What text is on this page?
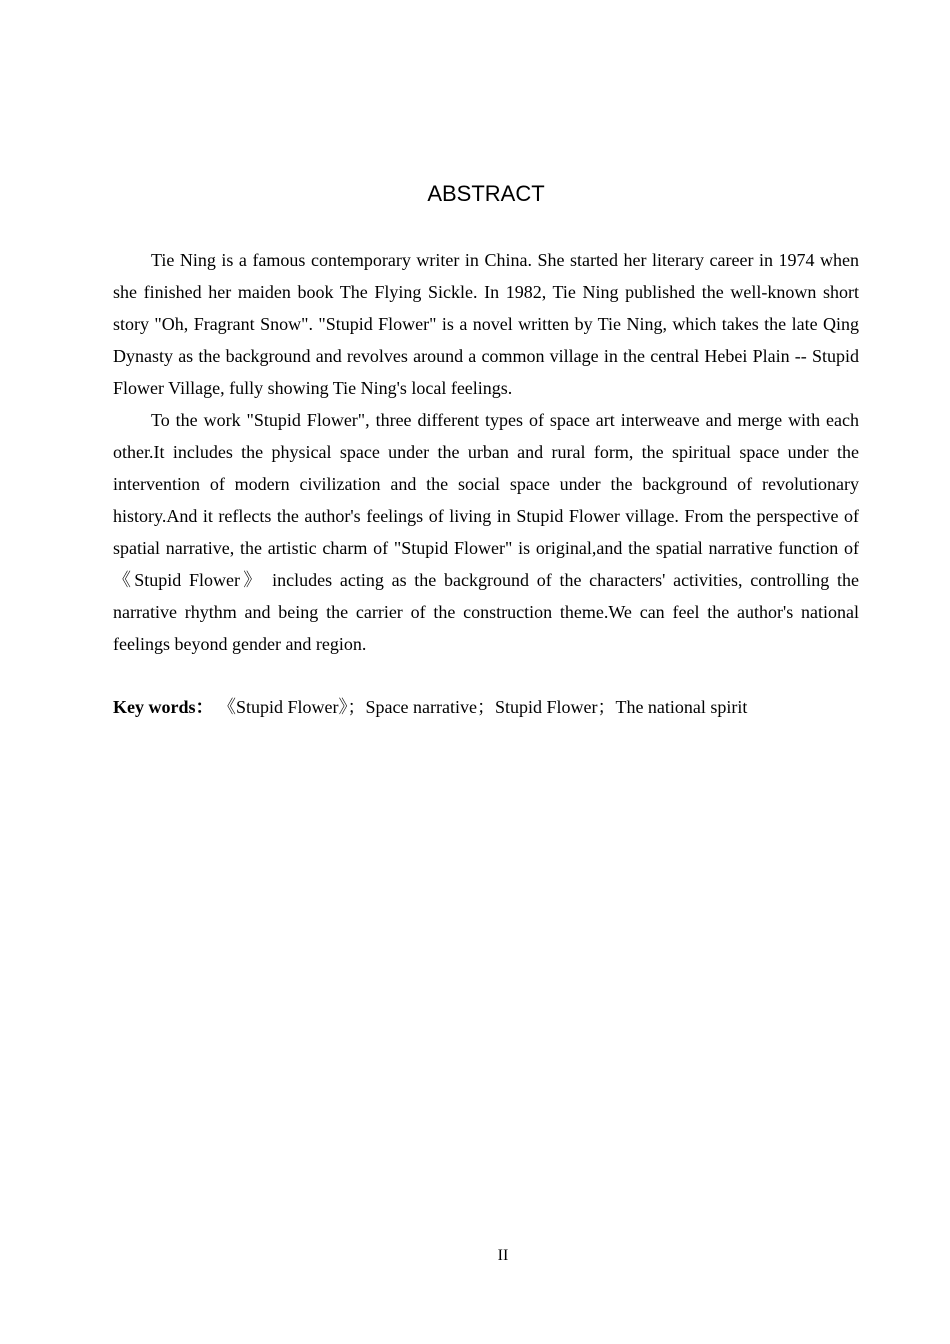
ABSTRACT

Tie Ning is a famous contemporary writer in China. She started her literary career in 1974 when she finished her maiden book The Flying Sickle. In 1982, Tie Ning published the well-known short story "Oh, Fragrant Snow". "Stupid Flower" is a novel written by Tie Ning, which takes the late Qing Dynasty as the background and revolves around a common village in the central Hebei Plain -- Stupid Flower Village, fully showing Tie Ning's local feelings.

To the work "Stupid Flower", three different types of space art interweave and merge with each other.It includes the physical space under the urban and rural form, the spiritual space under the intervention of modern civilization and the social space under the background of revolutionary history.And it reflects the author's feelings of living in Stupid Flower village. From the perspective of spatial narrative, the artistic charm of "Stupid Flower" is original,and the spatial narrative function of 《Stupid Flower》 includes acting as the background of the characters' activities, controlling the narrative rhythm and being the carrier of the construction theme.We can feel the author's national feelings beyond gender and region.

Key words： 《Stupid Flower》；Space narrative；Stupid Flower；The national spirit

II
